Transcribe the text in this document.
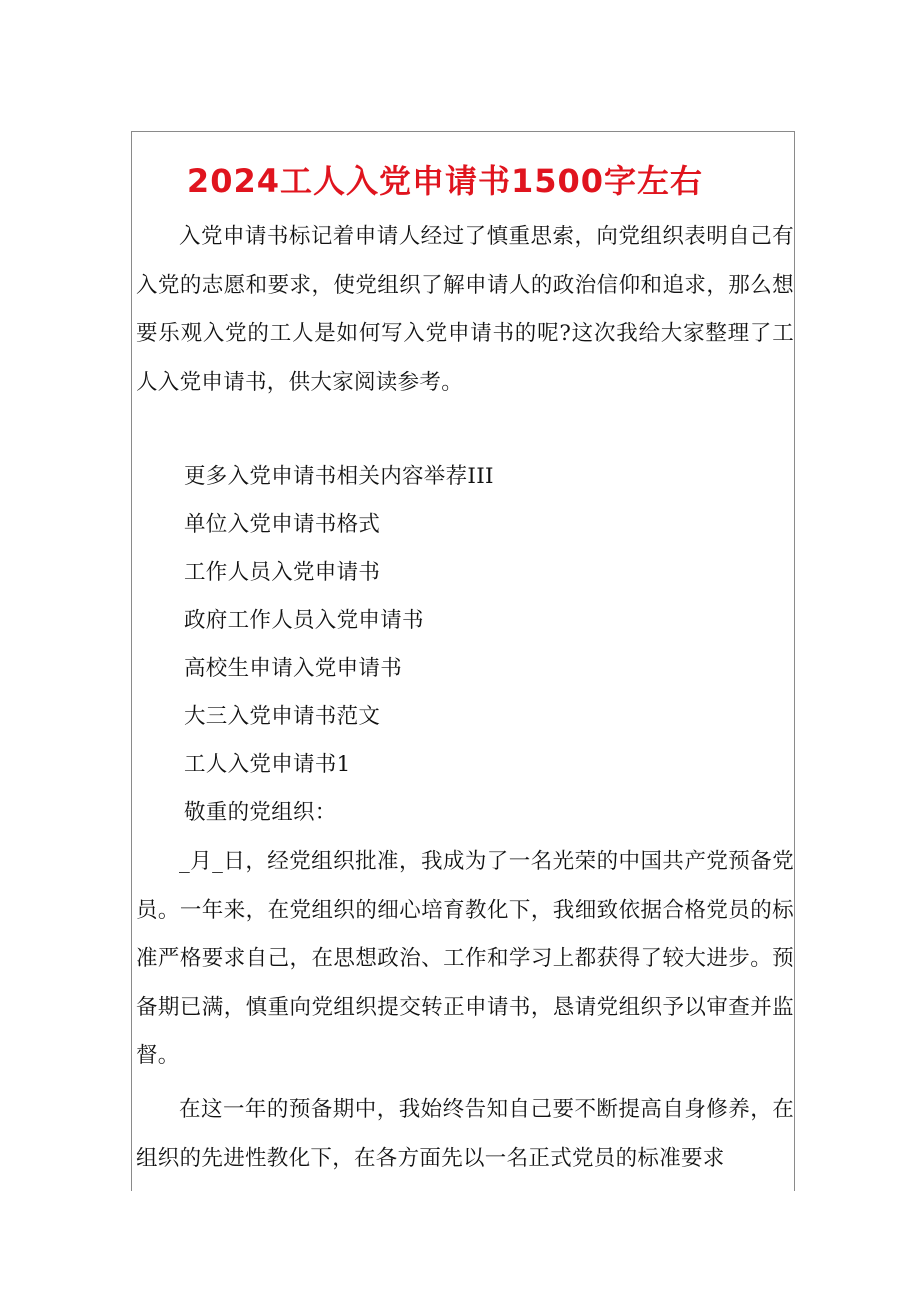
2024工人入党申请书1500字左右

入党申请书标记着申请人经过了慎重思索，向党组织表明自己有入党的志愿和要求，使党组织了解申请人的政治信仰和追求，那么想要乐观入党的工人是如何写入党申请书的呢?这次我给大家整理了工人入党申请书，供大家阅读参考。

更多入党申请书相关内容举荐III

单位入党申请书格式

工作人员入党申请书

政府工作人员入党申请书

高校生申请入党申请书

大三入党申请书范文

工人入党申请书1

敬重的党组织：

_月_日，经党组织批准，我成为了一名光荣的中国共产党预备党员。一年来，在党组织的细心培育教化下，我细致依据合格党员的标准严格要求自己，在思想政治、工作和学习上都获得了较大进步。预备期已满，慎重向党组织提交转正申请书，恳请党组织予以审查并监督。

在这一年的预备期中，我始终告知自己要不断提高自身修养，在组织的先进性教化下，在各方面先以一名正式党员的标准要求
